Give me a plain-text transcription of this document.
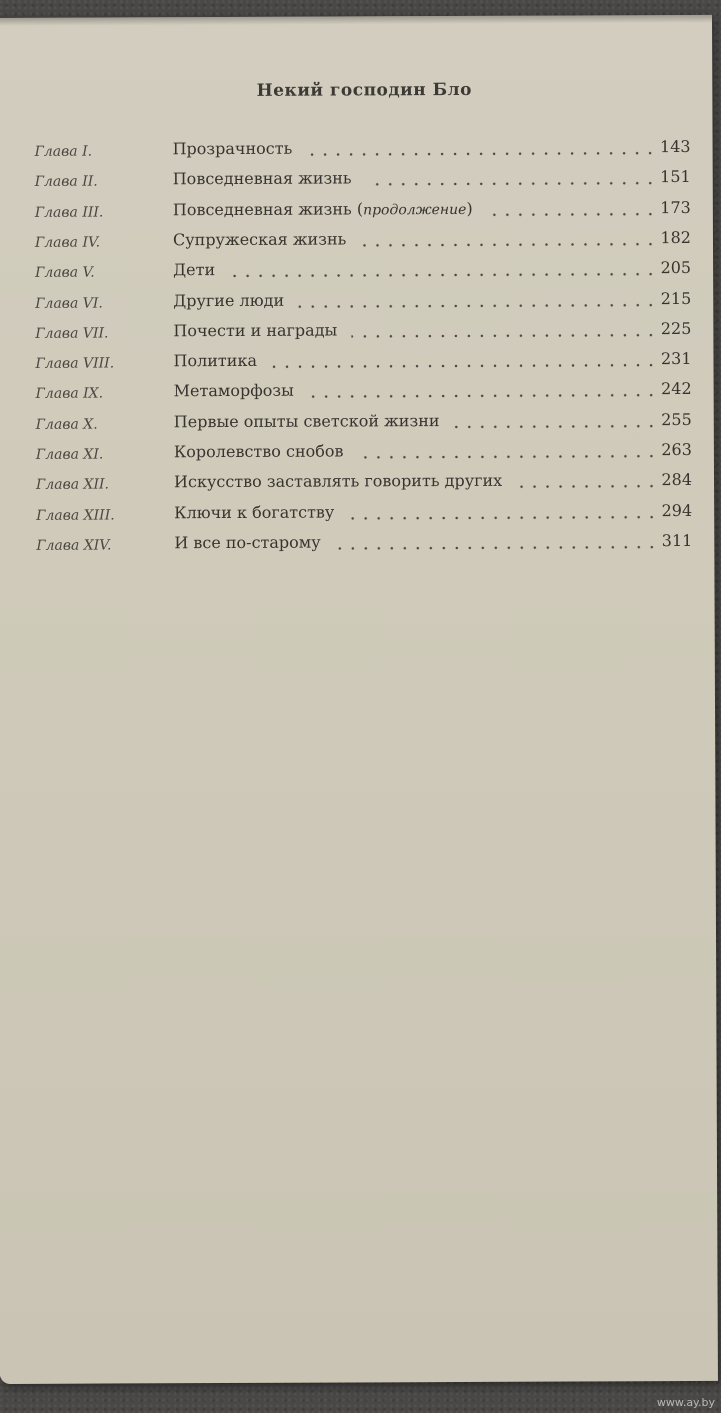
Некий господин Бло
Глава I.	Прозрачность	143
Глава II.	Повседневная жизнь	151
Глава III.	Повседневная жизнь (продолжение)	173
Глава IV.	Супружеская жизнь	182
Глава V.	Дети	205
Глава VI.	Другие люди	215
Глава VII.	Почести и награды	225
Глава VIII.	Политика	231
Глава IX.	Метаморфозы	242
Глава X.	Первые опыты светской жизни	255
Глава XI.	Королевство снобов	263
Глава XII.	Искусство заставлять говорить других	284
Глава XIII.	Ключи к богатству	294
Глава XIV.	И все по-старому	311
www.ay.by
